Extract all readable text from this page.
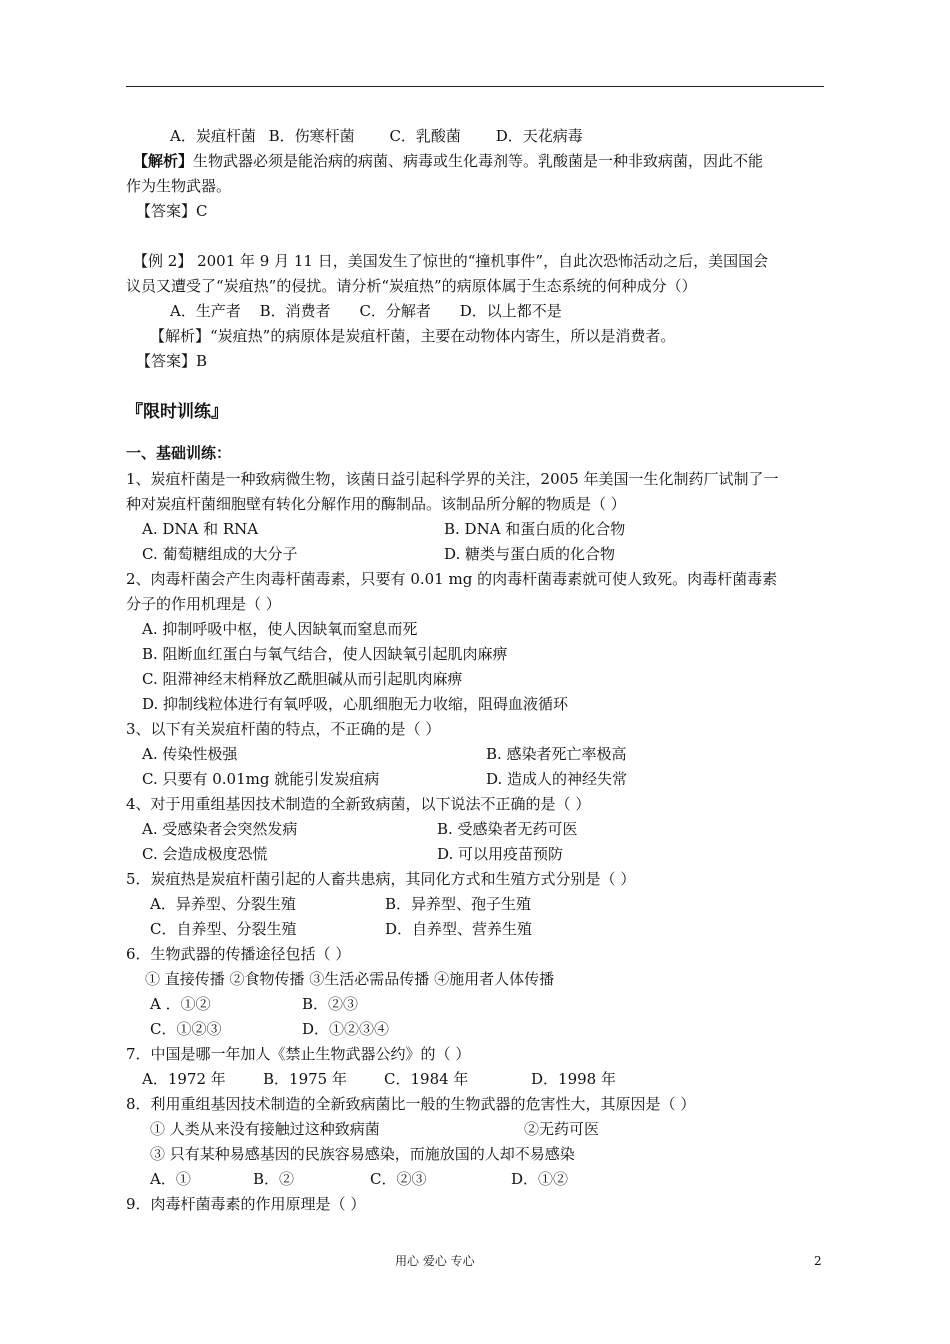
A．炭疽杆菌 B．伤寒杆菌 C．乳酸菌 D．天花病毒
【解析】生物武器必须是能治病的病菌、病毒或生化毒剂等。乳酸菌是一种非致病菌，因此不能
作为生物武器。
【答案】C
【例 2】 2001 年 9 月 11 日，美国发生了惊世的“撞机事件”，自此次恐怖活动之后，美国国会
议员又遭受了“炭疽热”的侵扰。请分析“炭疽热”的病原体属于生态系统的何种成分（）
A．生产者 B．消费者 C．分解者 D．以上都不是
【解析】“炭疽热”的病原体是炭疽杆菌，主要在动物体内寄生，所以是消费者。
【答案】B
『限时训练』
一、基础训练：
1、炭疽杆菌是一种致病微生物，该菌日益引起科学界的关注，2005 年美国一生化制药厂试制了一
种对炭疽杆菌细胞壁有转化分解作用的酶制品。该制品所分解的物质是（ ）
A. DNA 和 RNA	B. DNA 和蛋白质的化合物
C. 葡萄糖组成的大分子	D. 糖类与蛋白质的化合物
2、肉毒杆菌会产生肉毒杆菌毒素，只要有 0.01 mg 的肉毒杆菌毒素就可使人致死。肉毒杆菌毒素
分子的作用机理是（ ）
A. 抑制呼吸中枢，使人因缺氧而窒息而死
B. 阻断血红蛋白与氧气结合，使人因缺氧引起肌肉麻痹
C. 阻滞神经末梢释放乙酰胆碱从而引起肌肉麻痹
D. 抑制线粒体进行有氧呼吸，心肌细胞无力收缩，阻碍血液循环
3、以下有关炭疽杆菌的特点，不正确的是（ ）
A. 传染性极强	B. 感染者死亡率极高
C. 只要有 0.01mg 就能引发炭疽病	D. 造成人的神经失常
4、对于用重组基因技术制造的全新致病菌，以下说法不正确的是（ ）
A. 受感染者会突然发病	B. 受感染者无药可医
C. 会造成极度恐慌	D. 可以用疫苗预防
5．炭疽热是炭疽杆菌引起的人畜共患病，其同化方式和生殖方式分别是（ ）
A．异养型、分裂生殖	B．异养型、孢子生殖
C．自养型、分裂生殖	D．自养型、营养生殖
6．生物武器的传播途径包括（ ）
① 直接传播 ②食物传播 ③生活必需品传播 ④施用者人体传播
A ．①②	B．②③
C．①②③	D．①②③④
7．中国是哪一年加人《禁止生物武器公约》的（ ）
A．1972 年 B．1975 年 C．1984 年	D．1998 年
8．利用重组基因技术制造的全新致病菌比一般的生物武器的危害性大，其原因是（ ）
① 人类从来没有接触过这种致病菌	②无药可医
③ 只有某种易感基因的民族容易感染，而施放国的人却不易感染
A．①	B．②	C．②③	D．①②
9．肉毒杆菌毒素的作用原理是（ ）
用心 爱心 专心	2
